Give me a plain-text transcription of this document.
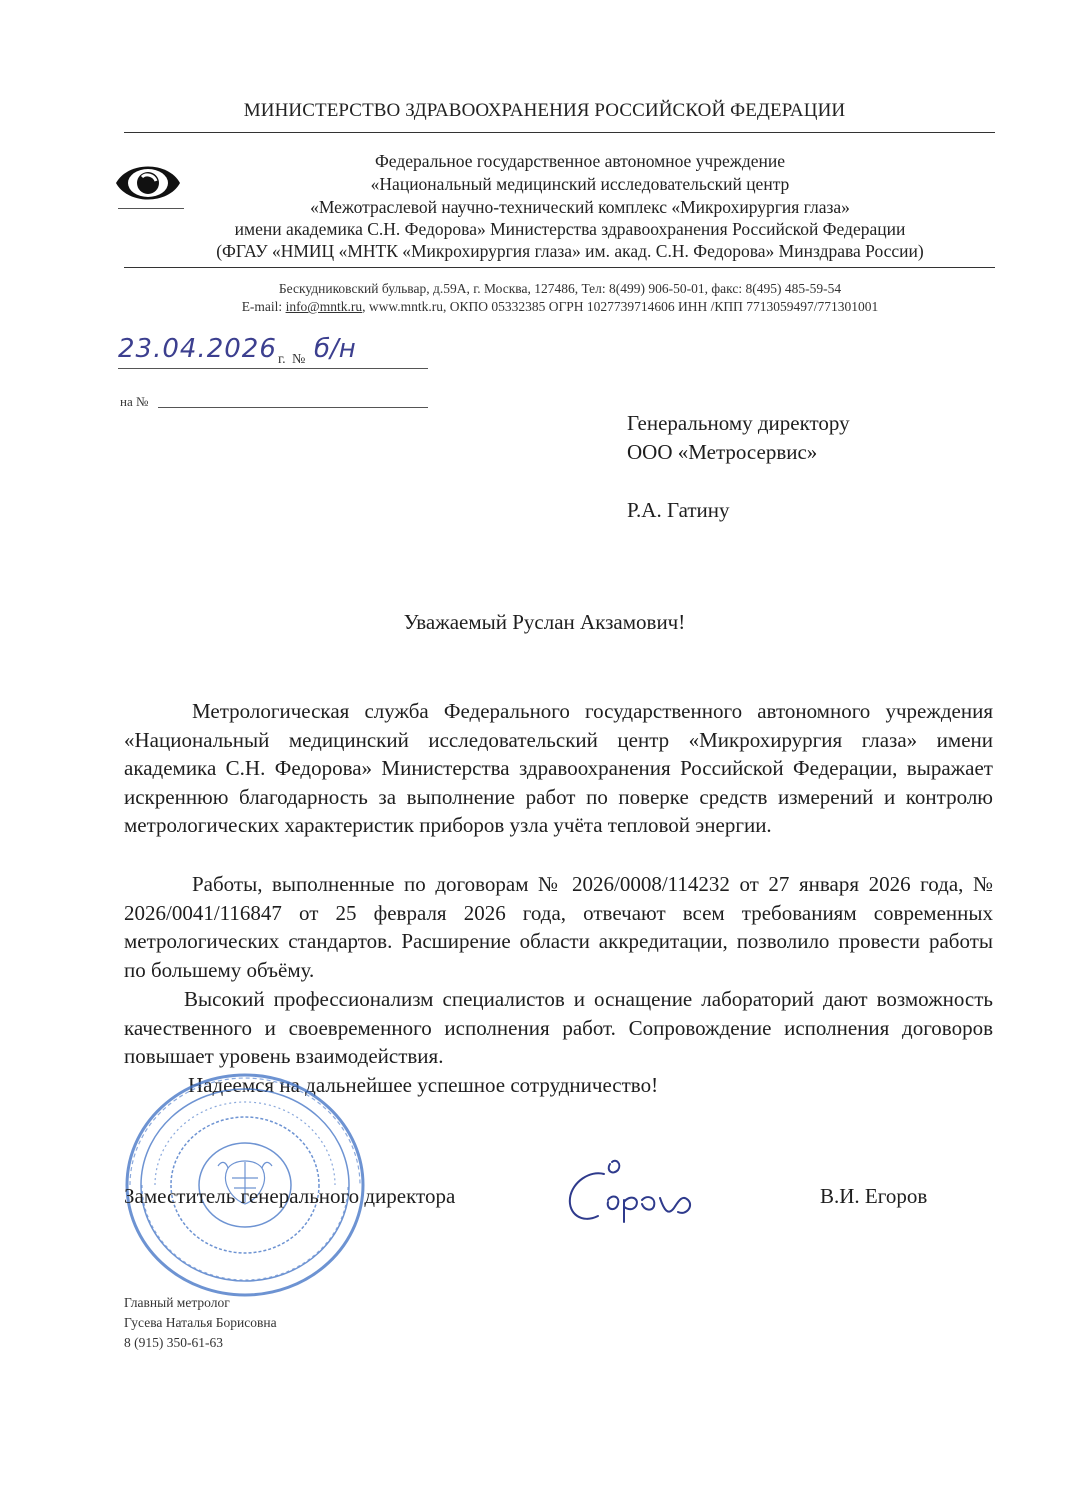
МИНИСТЕРСТВО ЗДРАВООХРАНЕНИЯ РОССИЙСКОЙ ФЕДЕРАЦИИ
Федеральное государственное автономное учреждение
«Национальный медицинский исследовательский центр
«Межотраслевой научно-технический комплекс «Микрохирургия глаза»
имени академика С.Н. Федорова» Министерства здравоохранения Российской Федерации
(ФГАУ «НМИЦ «МНТК «Микрохирургия глаза» им. акад. С.Н. Федорова» Минздрава России)
Бескудниковский бульвар, д.59А, г. Москва, 127486, Тел: 8(499) 906-50-01, факс: 8(495) 485-59-54
E-mail: info@mntk.ru, www.mntk.ru, ОКПО 05332385 ОГРН 1027739714606 ИНН /КПП 7713059497/771301001
23.04.2026 г. № б/н
на №
Генеральному директору
ООО «Метросервис»
Р.А. Гатину
Уважаемый Руслан Акзамович!

Метрологическая служба Федерального государственного автономного учреждения «Национальный медицинский исследовательский центр «Микрохирургия глаза» имени академика С.Н. Федорова» Министерства здравоохранения Российской Федерации, выражает искреннюю благодарность за выполнение работ по поверке средств измерений и контролю метрологических характеристик приборов узла учёта тепловой энергии.

Работы, выполненные по договорам № 2026/0008/114232 от 27 января 2026 года, № 2026/0041/116847 от 25 февраля 2026 года, отвечают всем требованиям современных метрологических стандартов. Расширение области аккредитации, позволило провести работы по большему объёму.

Высокий профессионализм специалистов и оснащение лабораторий дают возможность качественного и своевременного исполнения работ. Сопровождение исполнения договоров повышает уровень взаимодействия.

Надеемся на дальнейшее успешное сотрудничество!

Заместитель генерального директора	В.И. Егоров
Главный метролог
Гусева Наталья Борисовна
8 (915) 350-61-63
